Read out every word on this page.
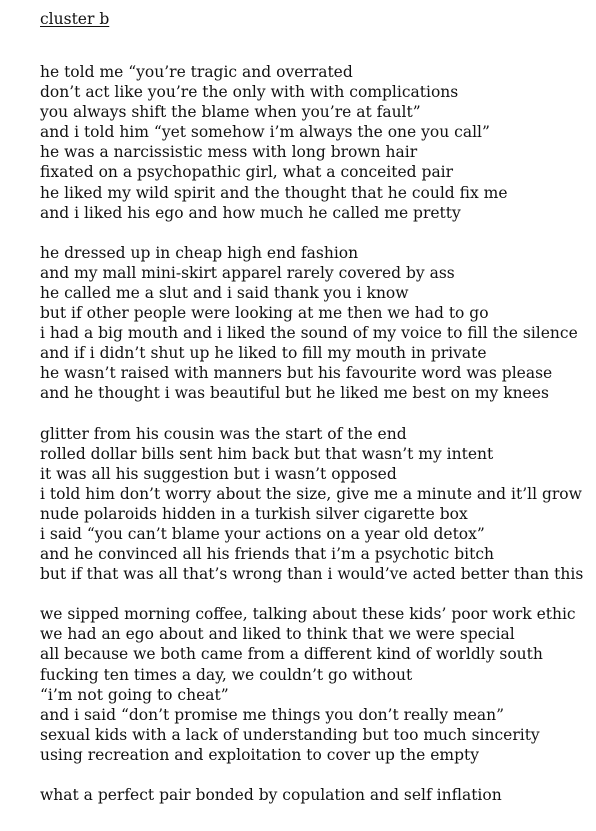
cluster b
he told me “you’re tragic and overrated
don’t act like you’re the only with with complications
you always shift the blame when you’re at fault”
and i told him “yet somehow i’m always the one you call”
he was a narcissistic mess with long brown hair
fixated on a psychopathic girl, what a conceited pair
he liked my wild spirit and the thought that he could fix me
and i liked his ego and how much he called me pretty
he dressed up in cheap high end fashion
and my mall mini-skirt apparel rarely covered by ass
he called me a slut and i said thank you i know
but if other people were looking at me then we had to go
i had a big mouth and i liked the sound of my voice to fill the silence
and if i didn’t shut up he liked to fill my mouth in private
he wasn’t raised with manners but his favourite word was please
and he thought i was beautiful but he liked me best on my knees
glitter from his cousin was the start of the end
rolled dollar bills sent him back but that wasn’t my intent
it was all his suggestion but i wasn’t opposed
i told him don’t worry about the size, give me a minute and it’ll grow
nude polaroids hidden in a turkish silver cigarette box
i said “you can’t blame your actions on a year old detox”
and he convinced all his friends that i’m a psychotic bitch
but if that was all that’s wrong than i would’ve acted better than this
we sipped morning coffee, talking about these kids’ poor work ethic
we had an ego about and liked to think that we were special
all because we both came from a different kind of worldly south
fucking ten times a day, we couldn’t go without
“i’m not going to cheat”
and i said “don’t promise me things you don’t really mean”
sexual kids with a lack of understanding but too much sincerity
using recreation and exploitation to cover up the empty
what a perfect pair bonded by copulation and self inflation
